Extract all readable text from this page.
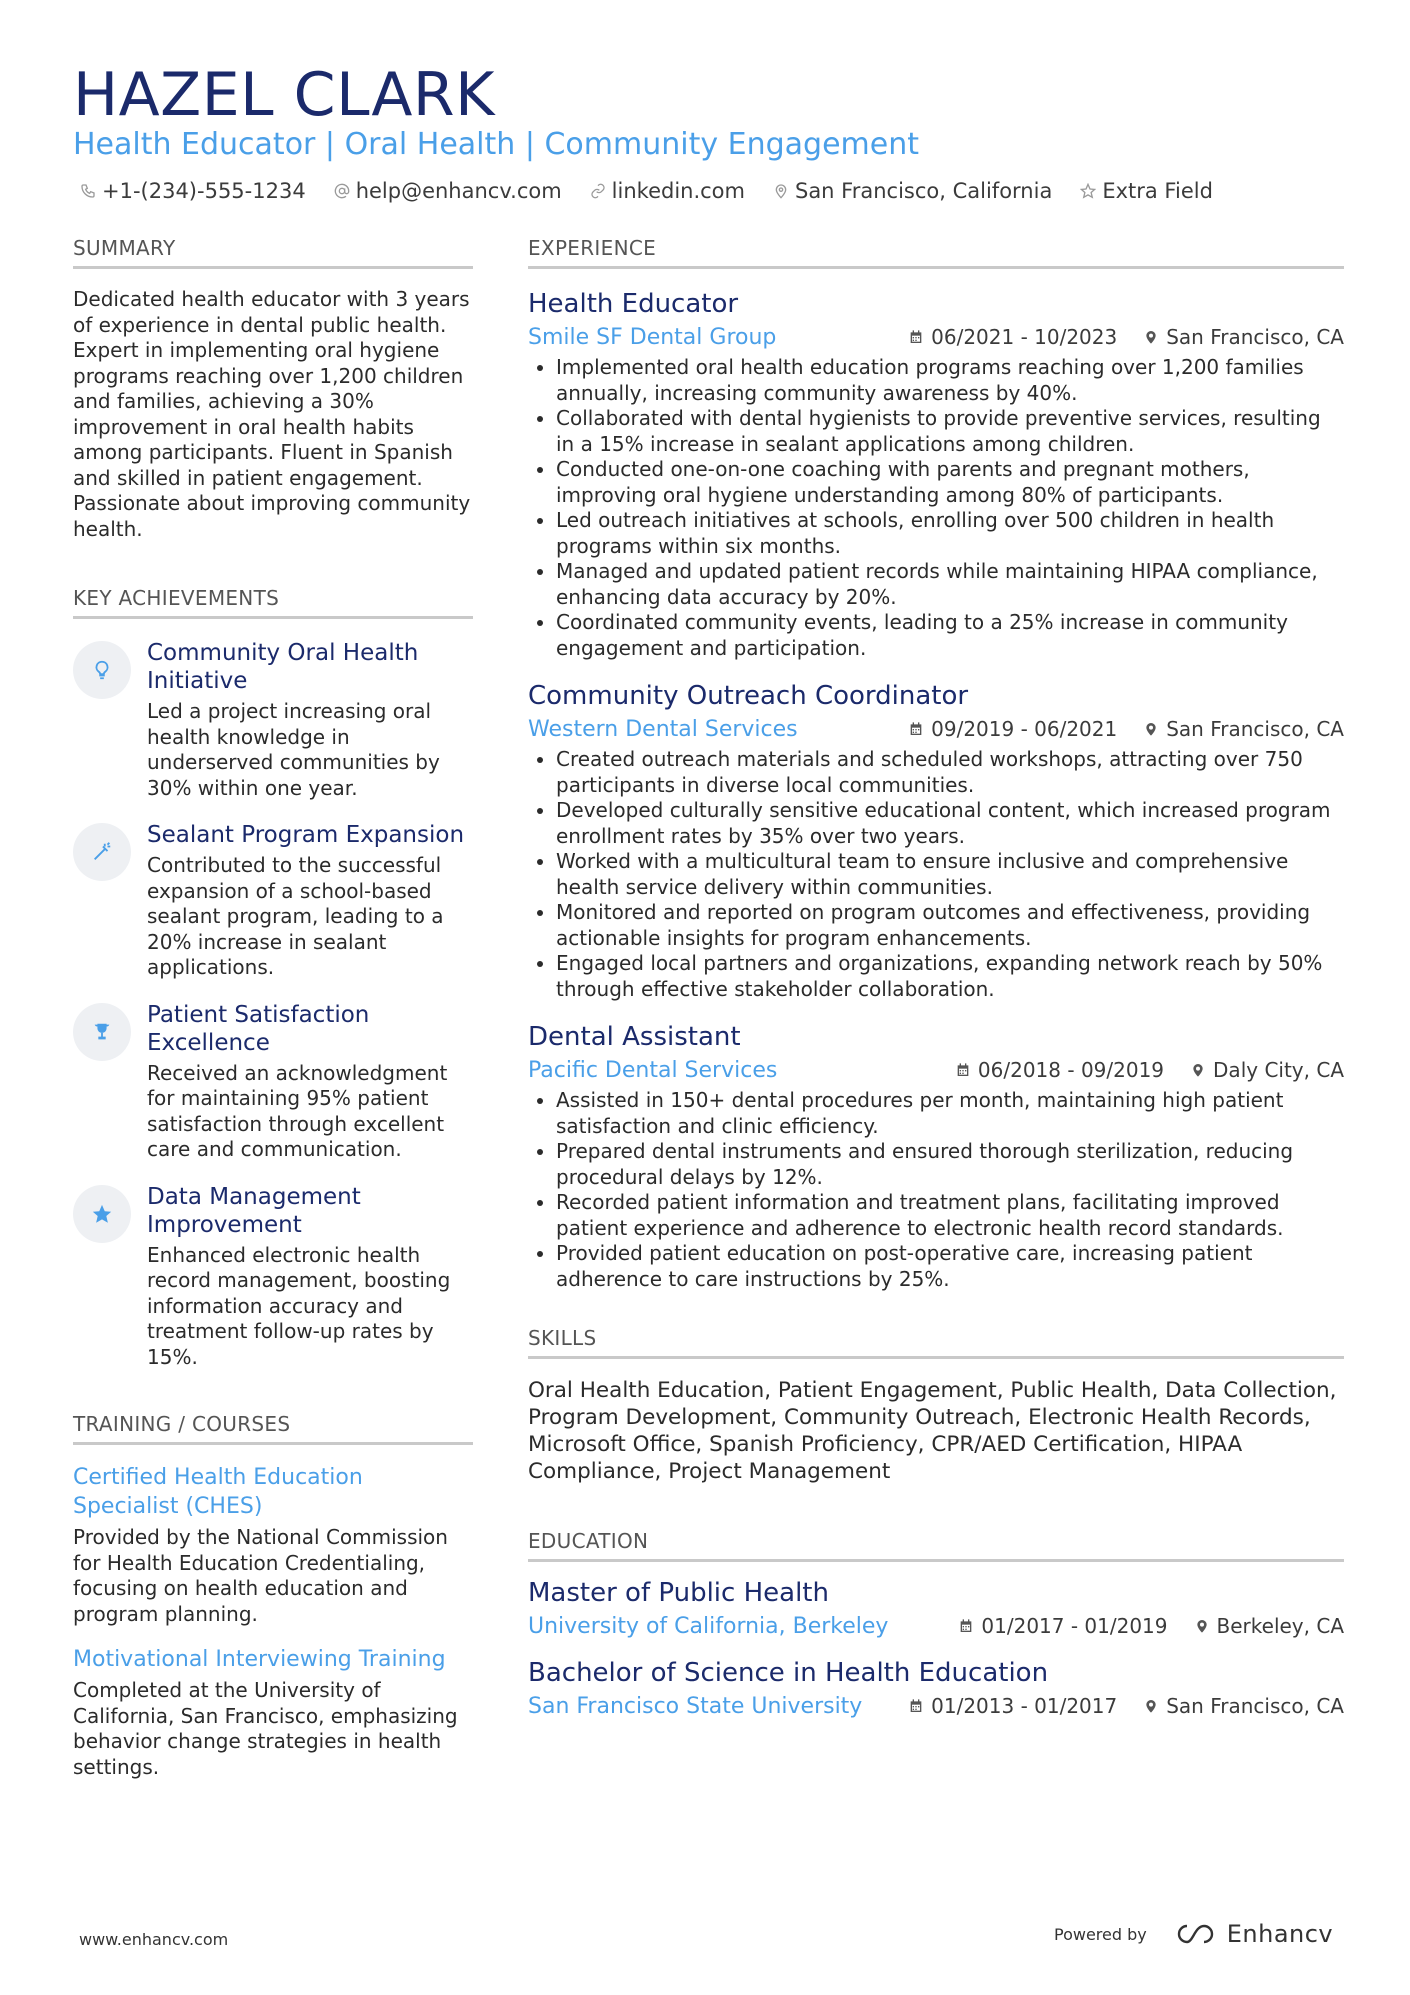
HAZEL CLARK
Health Educator | Oral Health | Community Engagement
+1-(234)-555-1234 help@enhancv.com linkedin.com San Francisco, California Extra Field
SUMMARY
Dedicated health educator with 3 years of experience in dental public health. Expert in implementing oral hygiene programs reaching over 1,200 children and families, achieving a 30% improvement in oral health habits among participants. Fluent in Spanish and skilled in patient engagement. Passionate about improving community health.
KEY ACHIEVEMENTS
Community Oral Health Initiative
Led a project increasing oral health knowledge in underserved communities by 30% within one year.
Sealant Program Expansion
Contributed to the successful expansion of a school-based sealant program, leading to a 20% increase in sealant applications.
Patient Satisfaction Excellence
Received an acknowledgment for maintaining 95% patient satisfaction through excellent care and communication.
Data Management Improvement
Enhanced electronic health record management, boosting information accuracy and treatment follow-up rates by 15%.
TRAINING / COURSES
Certified Health Education Specialist (CHES)
Provided by the National Commission for Health Education Credentialing, focusing on health education and program planning.
Motivational Interviewing Training
Completed at the University of California, San Francisco, emphasizing behavior change strategies in health settings.
EXPERIENCE
Health Educator
Smile SF Dental Group	06/2021 - 10/2023 San Francisco, CA
• Implemented oral health education programs reaching over 1,200 families annually, increasing community awareness by 40%.
• Collaborated with dental hygienists to provide preventive services, resulting in a 15% increase in sealant applications among children.
• Conducted one-on-one coaching with parents and pregnant mothers, improving oral hygiene understanding among 80% of participants.
• Led outreach initiatives at schools, enrolling over 500 children in health programs within six months.
• Managed and updated patient records while maintaining HIPAA compliance, enhancing data accuracy by 20%.
• Coordinated community events, leading to a 25% increase in community engagement and participation.
Community Outreach Coordinator
Western Dental Services	09/2019 - 06/2021 San Francisco, CA
• Created outreach materials and scheduled workshops, attracting over 750 participants in diverse local communities.
• Developed culturally sensitive educational content, which increased program enrollment rates by 35% over two years.
• Worked with a multicultural team to ensure inclusive and comprehensive health service delivery within communities.
• Monitored and reported on program outcomes and effectiveness, providing actionable insights for program enhancements.
• Engaged local partners and organizations, expanding network reach by 50% through effective stakeholder collaboration.
Dental Assistant
Pacific Dental Services	06/2018 - 09/2019 Daly City, CA
• Assisted in 150+ dental procedures per month, maintaining high patient satisfaction and clinic efficiency.
• Prepared dental instruments and ensured thorough sterilization, reducing procedural delays by 12%.
• Recorded patient information and treatment plans, facilitating improved patient experience and adherence to electronic health record standards.
• Provided patient education on post-operative care, increasing patient adherence to care instructions by 25%.
SKILLS
Oral Health Education, Patient Engagement, Public Health, Data Collection, Program Development, Community Outreach, Electronic Health Records, Microsoft Office, Spanish Proficiency, CPR/AED Certification, HIPAA Compliance, Project Management
EDUCATION
Master of Public Health
University of California, Berkeley	01/2017 - 01/2019 Berkeley, CA
Bachelor of Science in Health Education
San Francisco State University	01/2013 - 01/2017 San Francisco, CA
www.enhancv.com	Powered by	Enhancv
